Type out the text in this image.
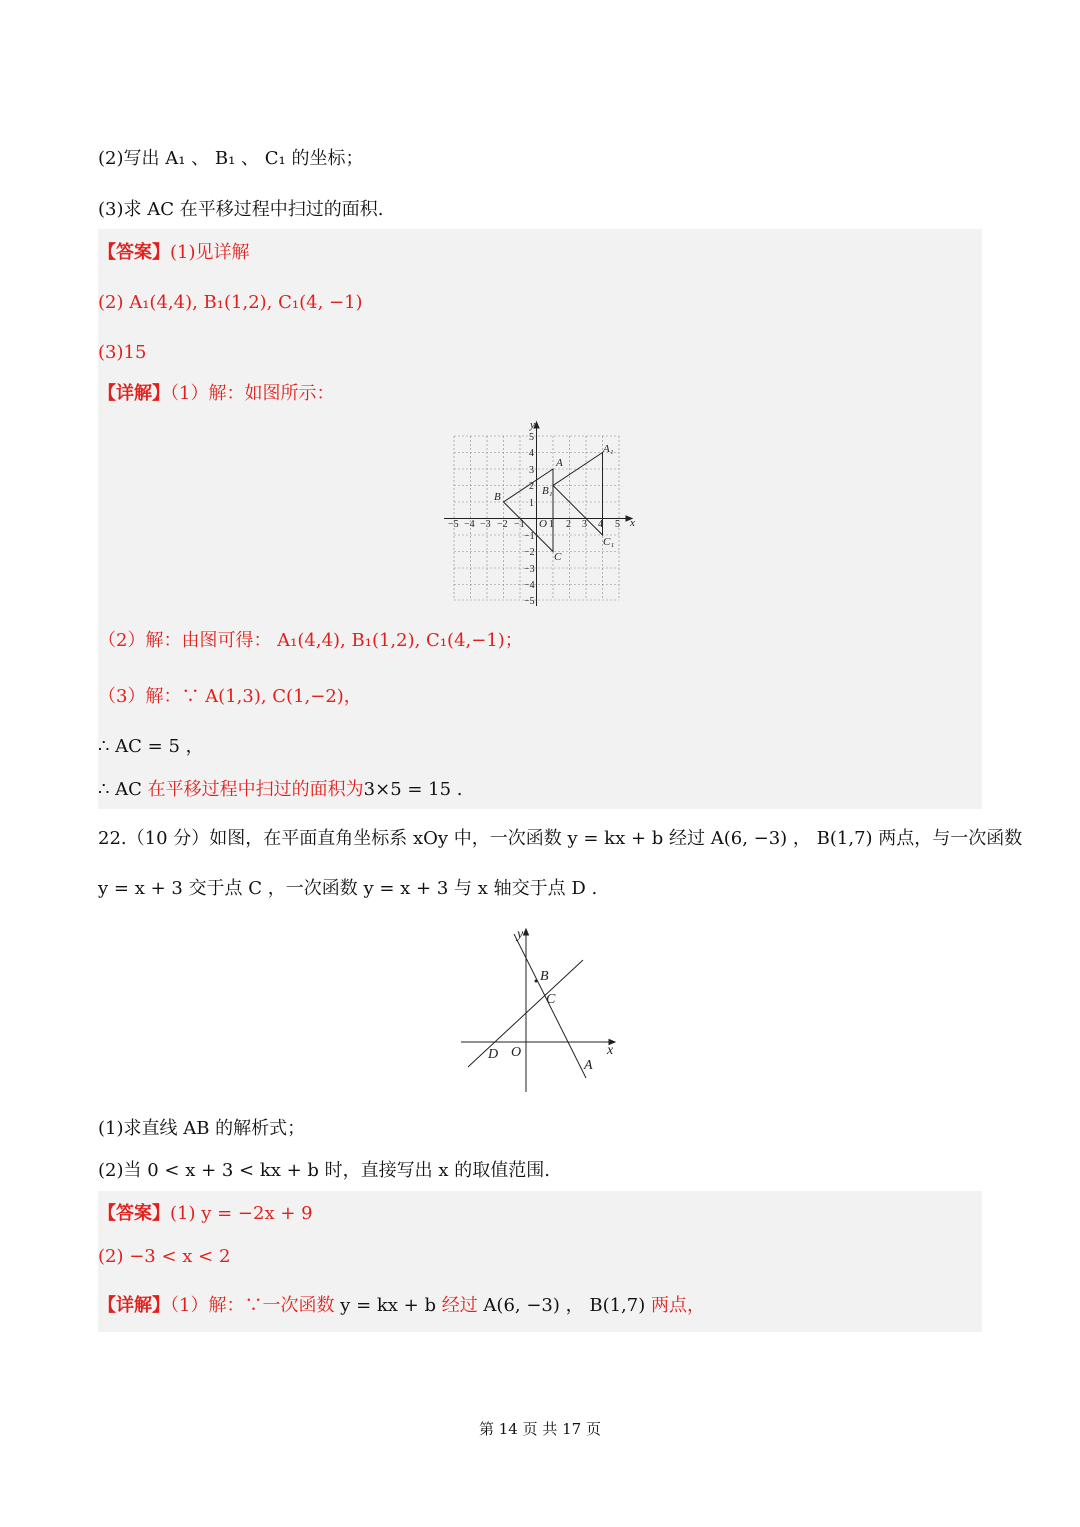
(2)写出 A₁ 、 B₁ 、 C₁ 的坐标；
(3)求 AC 在平移过程中扫过的面积.
【答案】(1)见详解
(2) A₁(4,4), B₁(1,2), C₁(4, −1)
(3)15
【详解】（1）解：如图所示：
−5 −4 −3 −2 −1 1 2 3 4 5
5
4
3
2
1
−1
−2
−3
−4
−5
x
y
O
A
B
C
A₁
B₁
C₁
（2）解：由图可得： A₁(4,4), B₁(1,2), C₁(4,−1)；
（3）解：∵ A(1,3), C(1,−2)，
∴ AC = 5 ，
∴ AC 在平移过程中扫过的面积为3×5 = 15 .
22.（10 分）如图，在平面直角坐标系 xOy 中，一次函数 y = kx + b 经过 A(6, −3) ， B(1,7) 两点，与一次函数
y = x + 3 交于点 C ，一次函数 y = x + 3 与 x 轴交于点 D .
x
y
O
B
C
D
A
(1)求直线 AB 的解析式；
(2)当 0 < x + 3 < kx + b 时，直接写出 x 的取值范围.
【答案】(1) y = −2x + 9
(2) −3 < x < 2
【详解】（1）解：∵一次函数 y = kx + b 经过 A(6, −3) ， B(1,7) 两点，
第 14 页 共 17 页
